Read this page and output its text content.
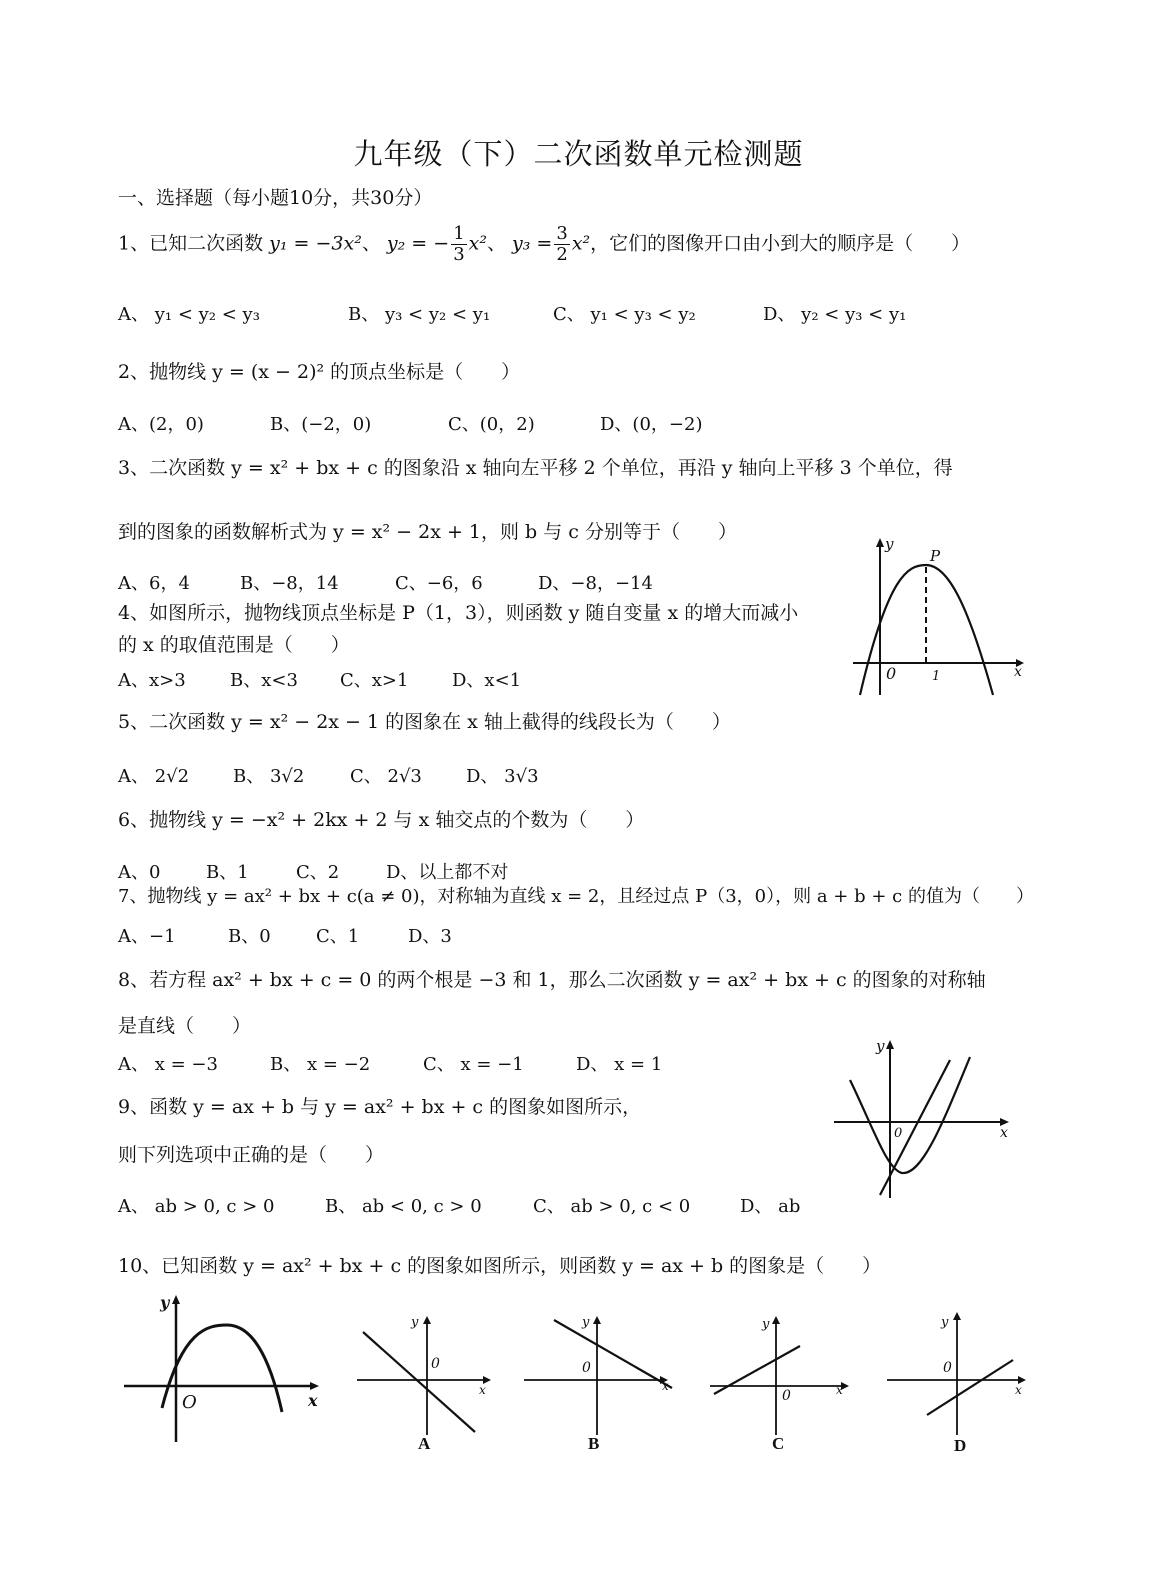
九年级（下）二次函数单元检测题
一、选择题（每小题10分，共30分）
1、已知二次函数 y₁ = −3x²、 y₂ = − $\frac{1}{3} x^2$、 $y_3 = \frac{3}{2} x^2$，它们的图像开口由小到大的顺序是（　　）
A、 y₁ < y₂ < y₃	B、 y₃ < y₂ < y₁	C、 y₁ < y₃ < y₂	D、 y₂ < y₃ < y₁
2、抛物线 y = (x − 2)² 的顶点坐标是（　　）
A、(2，0)	B、(−2，0)	C、(0，2)	D、(0，−2)
3、二次函数 y = x² + bx + c 的图象沿 x 轴向左平移 2 个单位，再沿 y 轴向上平移 3 个单位，得
到的图象的函数解析式为 y = x² − 2x + 1，则 b 与 c 分别等于（　　）
A、6，4	B、−8，14	C、−6，6	D、−8，−14
4、如图所示，抛物线顶点坐标是 P（1，3），则函数 y 随自变量 x 的增大而减小
的 x 的取值范围是（　　）
A、x>3 B、x<3 C、x>1 D、x<1
y
P
0	1	x
5、二次函数 y = x² − 2x − 1 的图象在 x 轴上截得的线段长为（　　）
A、 2√2 B、 3√2	C、 2√3 D、 3√3
6、抛物线 y = −x² + 2kx + 2 与 x 轴交点的个数为（　　）
A、0	B、1	C、2	D、以上都不对
7、抛物线 y = ax² + bx + c(a ≠ 0)，对称轴为直线 x = 2，且经过点 P（3，0），则 a + b + c 的值为（　　）
A、−1	B、0	C、1	D、3
8、若方程 ax² + bx + c = 0 的两个根是 −3 和 1，那么二次函数 y = ax² + bx + c 的图象的对称轴
是直线（　　）
A、 x = −3	B、 x = −2	C、 x = −1	D、 x = 1
9、函数 y = ax + b 与 y = ax² + bx + c 的图象如图所示，
则下列选项中正确的是（　　）
A、 ab > 0, c > 0	B、 ab < 0, c > 0	C、 ab > 0, c < 0	D、 ab
y
0	x
10、已知函数 y = ax² + bx + c 的图象如图所示，则函数 y = ax + b 的图象是（　　）
y
O	x
y
0
x
A
y
0
x
B
y
0	x
C
y
0
x
D
